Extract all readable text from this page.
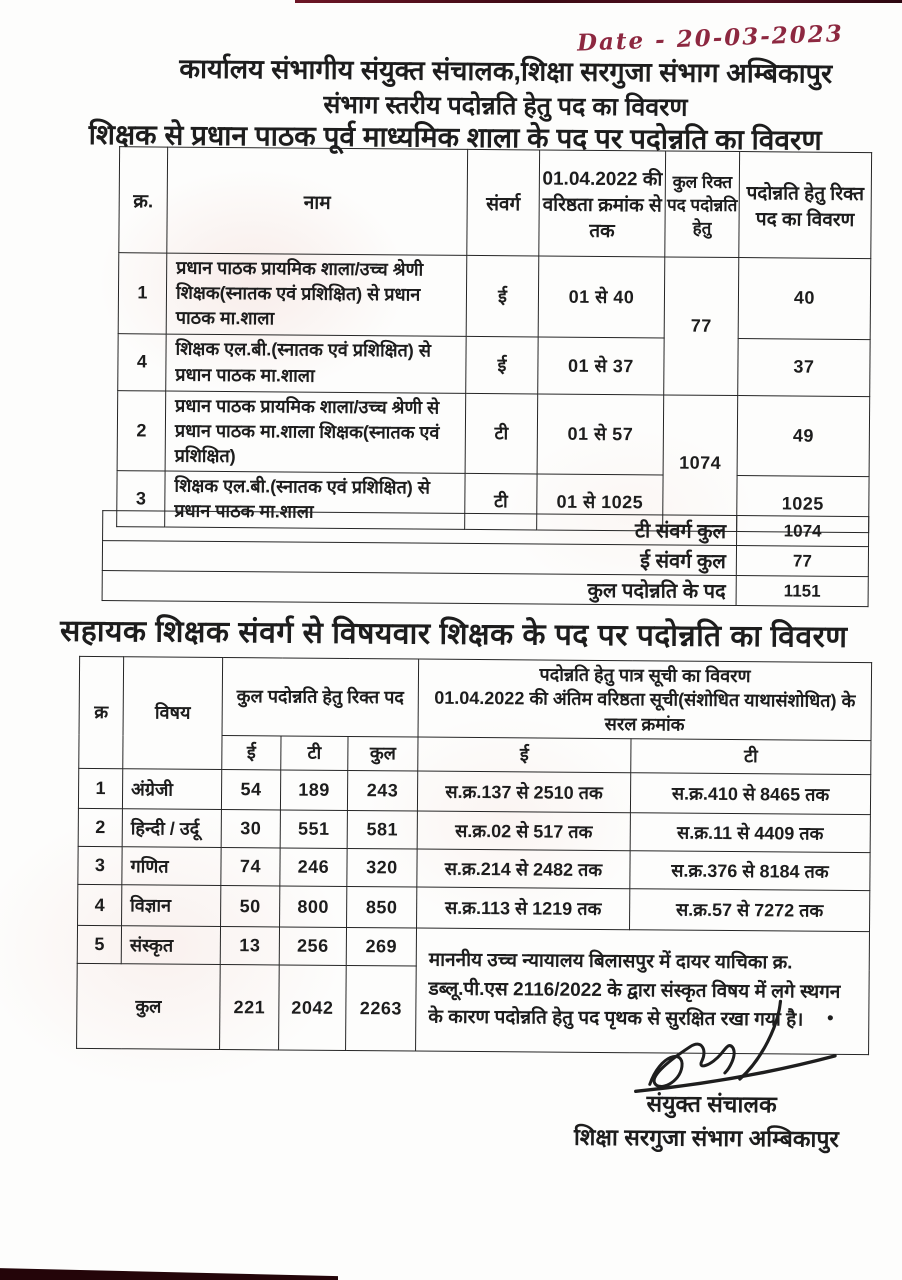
Date - 20-03-2023
कार्यालय संभागीय संयुक्त संचालक,शिक्षा सरगुजा संभाग अम्बिकापुर
संभाग स्तरीय पदोन्नति हेतु पद का विवरण
शिक्षक से प्रधान पाठक पूर्व माध्यमिक शाला के पद पर पदोन्नति का विवरण
क्र.	नाम	संवर्ग	01.04.2022 की वरिष्ठता क्रमांक से तक	कुल रिक्त पद पदोन्नति हेतु	पदोन्नति हेतु रिक्त पद का विवरण
1	प्रधान पाठक प्रायमिक शाला/उच्च श्रेणी शिक्षक(स्नातक एवं प्रशिक्षित) से प्रधान पाठक मा.शाला	ई	01 से 40	77	40
4	शिक्षक एल.बी.(स्नातक एवं प्रशिक्षित) से प्रधान पाठक मा.शाला	ई	01 से 37		37
2	प्रधान पाठक प्रायमिक शाला/उच्च श्रेणी से प्रधान पाठक मा.शाला शिक्षक(स्नातक एवं प्रशिक्षित)	टी	01 से 57	1074	49
3	शिक्षक एल.बी.(स्नातक एवं प्रशिक्षित) से प्रधान पाठक मा.शाला	टी	01 से 1025		1025
टी संवर्ग कुल	1074
ई संवर्ग कुल	77
कुल पदोन्नति के पद	1151
सहायक शिक्षक संवर्ग से विषयवार शिक्षक के पद पर पदोन्नति का विवरण
क्र	विषय	कुल पदोन्नति हेतु रिक्त पद			पदोन्नति हेतु पात्र सूची का विवरण
01.04.2022 की अंतिम वरिष्ठता सूची(संशोधित याथासंशोधित) के सरल क्रमांक	

		ई	टी	कुल	ई	टी
1	अंग्रेजी	54	189	243	स.क्र.137 से 2510 तक	स.क्र.410 से 8465 तक
2	हिन्दी / उर्दू	30	551	581	स.क्र.02 से 517 तक	स.क्र.11 से 4409 तक
3	गणित	74	246	320	स.क्र.214 से 2482 तक	स.क्र.376 से 8184 तक
4	विज्ञान	50	800	850	स.क्र.113 से 1219 तक	स.क्र.57 से 7272 तक
5	संस्कृत	13	256	269	माननीय उच्च न्यायालय बिलासपुर में दायर याचिका क्र. डब्लू.पी.एस 2116/2022 के द्वारा संस्कृत विषय में लगे स्थगन के कारण पदोन्नति हेतु पद पृथक से सुरक्षित रखा गया है।	
कुल		221	2042	2263		
संयुक्त संचालक
शिक्षा सरगुजा संभाग अम्बिकापुर
